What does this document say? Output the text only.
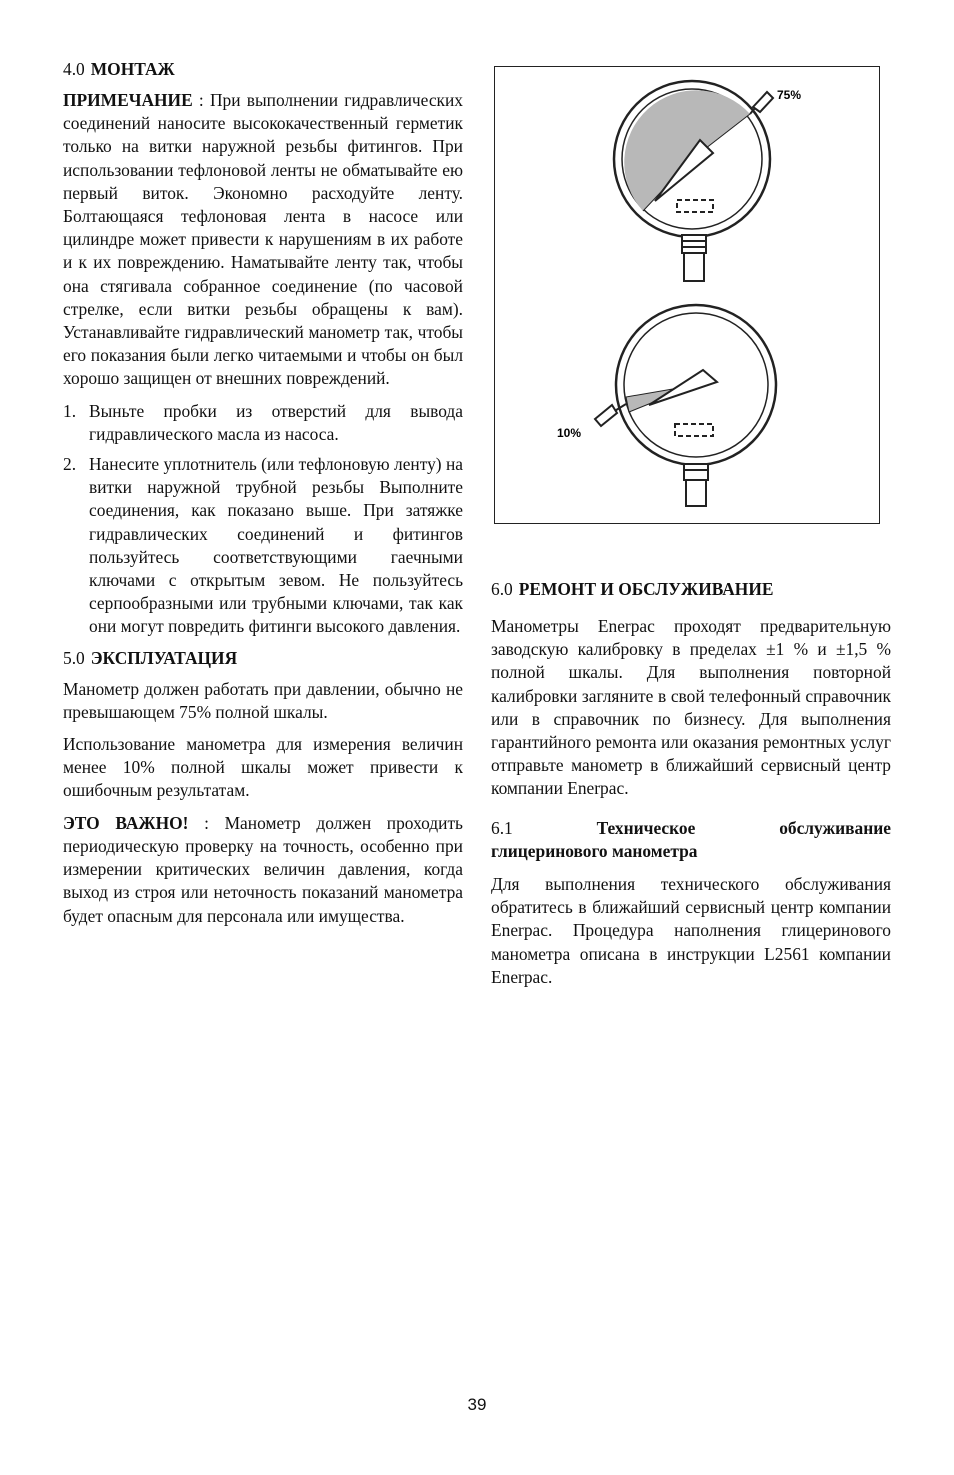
4.0 МОНТАЖ

ПРИМЕЧАНИЕ : При выполнении гидравлических соединений наносите высококачественный герметик только на витки наружной резьбы фитингов. При использовании тефлоновой ленты не обматывайте ею первый виток. Экономно расходуйте ленту. Болтающаяся тефлоновая лента в насосе или цилиндре может привести к нарушениям в их работе и к их повреждению. Наматывайте ленту так, чтобы она стягивала собранное соединение (по часовой стрелке, если витки резьбы обращены к вам). Устанавливайте гидравлический манометр так, чтобы его показания были легко читаемыми и чтобы он был хорошо защищен от внешних повреждений.

1. Выньте пробки из отверстий для вывода гидравлического масла из насоса.
2. Нанесите уплотнитель (или тефлоновую ленту) на витки наружной трубной резьбы Выполните соединения, как показано выше. При затяжке гидравлических соединений и фитингов пользуйтесь соответствующими гаечными ключами с открытым зевом. Не пользуйтесь серпообразными или трубными ключами, так как они могут повредить фитинги высокого давления.
5.0 ЭКСПЛУАТАЦИЯ

Манометр должен работать при давлении, обычно не превышающем 75% полной шкалы.

Использование манометра для измерения величин менее 10% полной шкалы может привести к ошибочным результатам.

ЭТО ВАЖНО! : Манометр должен проходить периодическую проверку на точность, особенно при измерении критических величин давления, когда выход из строя или неточность показаний манометра будет опасным для персонала или имущества.

75%
10%
6.0 РЕМОНТ И ОБСЛУЖИВАНИЕ

Манометры Enerpac проходят предварительную заводскую калибровку в пределах ±1 % и ±1,5 % полной шкалы. Для выполнения повторной калибровки загляните в свой телефонный справочник или в справочник по бизнесу. Для выполнения гарантийного ремонта или оказания ремонтных услуг отправьте манометр в ближайший сервисный центр компании Enerpac.

6.1	Техническое	обслуживание
глицеринового манометра

Для выполнения технического обслуживания обратитесь в ближайший сервисный центр компании Enerpac. Процедура наполнения глицеринового манометра описана в инструкции L2561 компании Enerpac.

39
